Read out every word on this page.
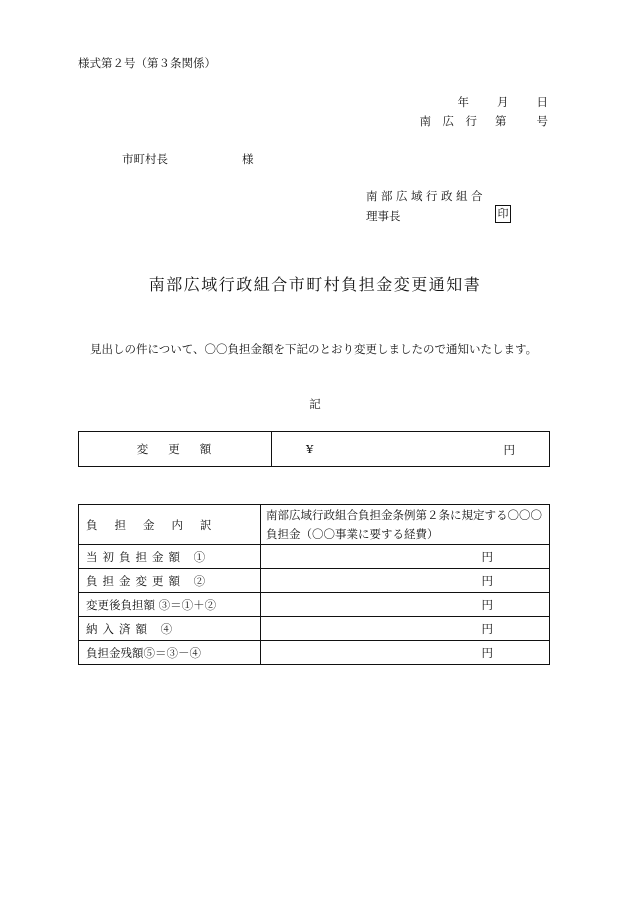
様式第２号（第３条関係）
年 月 日
南　広　行 第	号
市町村長	様
南部広域行政組合
理事長	印
南部広域行政組合市町村負担金変更通知書
見出しの件について、〇〇負担金額を下記のとおり変更しましたので通知いたします。
記
変更額	¥	円
負担金内訳	南部広域行政組合負担金条例第２条に規定する〇〇〇負担金（〇〇事業に要する経費）
当初負担金額 ①	円
負担金変更額 ②	円
変更後負担額 ③＝①＋②	円
納入済額 ④	円
負担金残額⑤＝③－④	円
